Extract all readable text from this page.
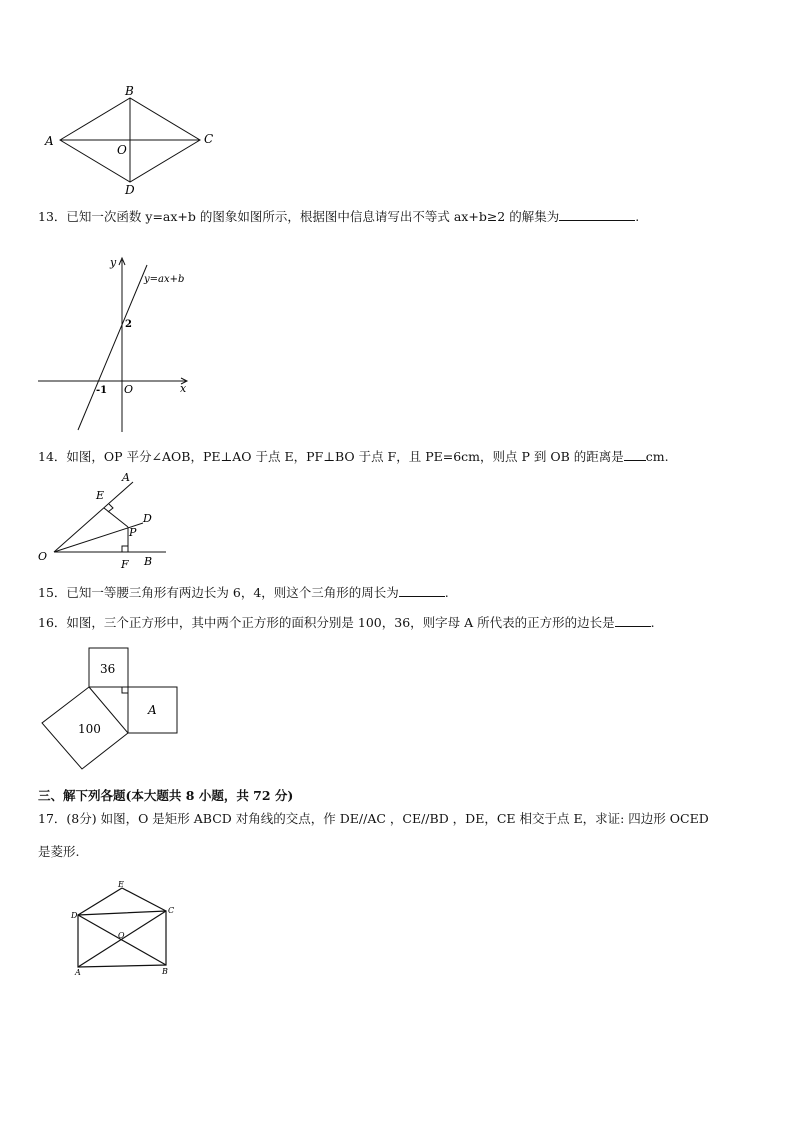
A
B
C
D
O
13．已知一次函数 y=ax+b 的图象如图所示，根据图中信息请写出不等式 ax+b≥2 的解集为	.
y
x
O
y=ax+b
2
-1
14．如图，OP 平分∠AOB，PE⊥AO 于点 E，PF⊥BO 于点 F，且 PE=6cm，则点 P 到 OB 的距离是 cm.
O
A
B
E
D
P
F
15．已知一等腰三角形有两边长为 6，4，则这个三角形的周长为	.
16．如图，三个正方形中，其中两个正方形的面积分别是 100，36，则字母 A 所代表的正方形的边长是	.
36
A
100
三、解下列各题(本大题共 8 小题，共 72 分)
17．(8分) 如图，O 是矩形 ABCD 对角线的交点，作 DE//AC ，CE//BD ，DE，CE 相交于点 E，求证: 四边形 OCED
是菱形.
E
D
C
O
A	B
